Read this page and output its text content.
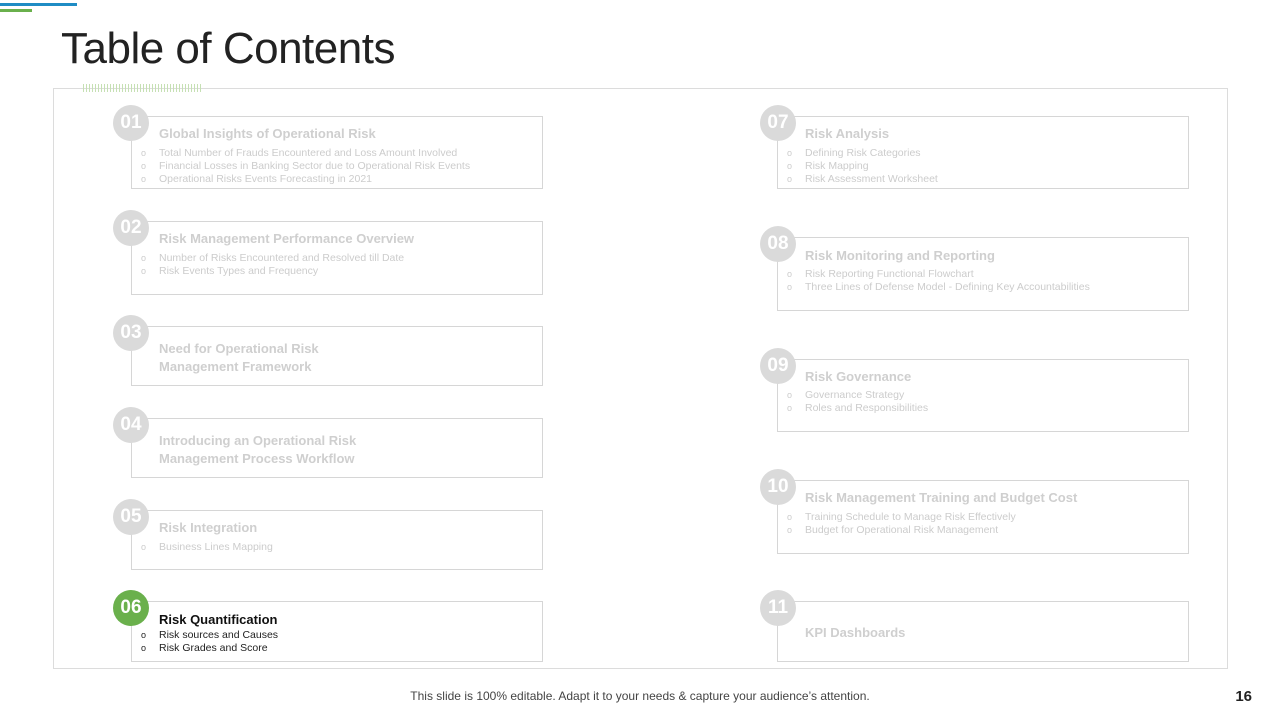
Table of Contents
01
Global Insights of Operational Risk
o Total Number of Frauds Encountered and Loss Amount Involved
o Financial Losses in Banking Sector due to Operational Risk Events
o Operational Risks Events Forecasting in 2021
02
Risk Management Performance Overview
o Number of Risks Encountered and Resolved till Date
o Risk Events Types and Frequency
03
Need for Operational Risk
Management Framework
04
Introducing an Operational Risk
Management Process Workflow
05
Risk Integration
o Business Lines Mapping
06
Risk Quantification
o Risk sources and Causes
o Risk Grades and Score
07
Risk Analysis
o Defining Risk Categories
o Risk Mapping
o Risk Assessment Worksheet
08
Risk Monitoring and Reporting
o Risk Reporting Functional Flowchart
o Three Lines of Defense Model - Defining Key Accountabilities
09
Risk Governance
o Governance Strategy
o Roles and Responsibilities
10
Risk Management Training and Budget Cost
o Training Schedule to Manage Risk Effectively
o Budget for Operational Risk Management
11
KPI Dashboards
This slide is 100% editable. Adapt it to your needs & capture your audience’s attention.	16
